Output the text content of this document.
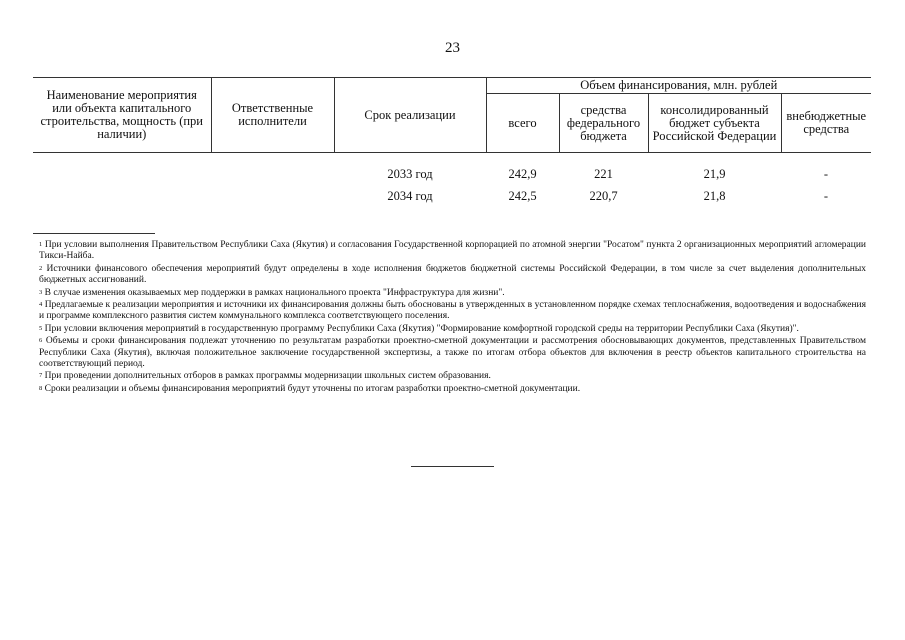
23
Наименование мероприятия или объекта капитального строительства, мощность (при наличии)	Ответственные исполнители	Срок реализации	Объем финансирования, млн. рублей			
			всего	средства федерального бюджета	консолидированный бюджет субъекта Российской Федерации	внебюджетные средства

		2033 год	242,9	221	21,9	-
		2034 год	242,5	220,7	21,8	-

$^1$ При условии выполнения Правительством Республики Саха (Якутия) и согласования Государственной корпорацией по атомной энергии "Росатом" пункта 2 организационных мероприятий агломерации Тикси-Найба.

$^2$ Источники финансового обеспечения мероприятий будут определены в ходе исполнения бюджетов бюджетной системы Российской Федерации, в том числе за счет выделения дополнительных бюджетных ассигнований.

$^3$ В случае изменения оказываемых мер поддержки в рамках национального проекта "Инфраструктура для жизни".

$^4$ Предлагаемые к реализации мероприятия и источники их финансирования должны быть обоснованы в утвержденных в установленном порядке схемах теплоснабжения, водоотведения и водоснабжения и программе комплексного развития систем коммунального комплекса соответствующего поселения.

$^5$ При условии включения мероприятий в государственную программу Республики Саха (Якутия) "Формирование комфортной городской среды на территории Республики Саха (Якутия)".

$^6$ Объемы и сроки финансирования подлежат уточнению по результатам разработки проектно-сметной документации и рассмотрения обосновывающих документов, представленных Правительством Республики Саха (Якутия), включая положительное заключение государственной экспертизы, а также по итогам отбора объектов для включения в реестр объектов капитального строительства на соответствующий период.

$^7$ При проведении дополнительных отборов в рамках программы модернизации школьных систем образования.

$^8$ Сроки реализации и объемы финансирования мероприятий будут уточнены по итогам разработки проектно-сметной документации.
